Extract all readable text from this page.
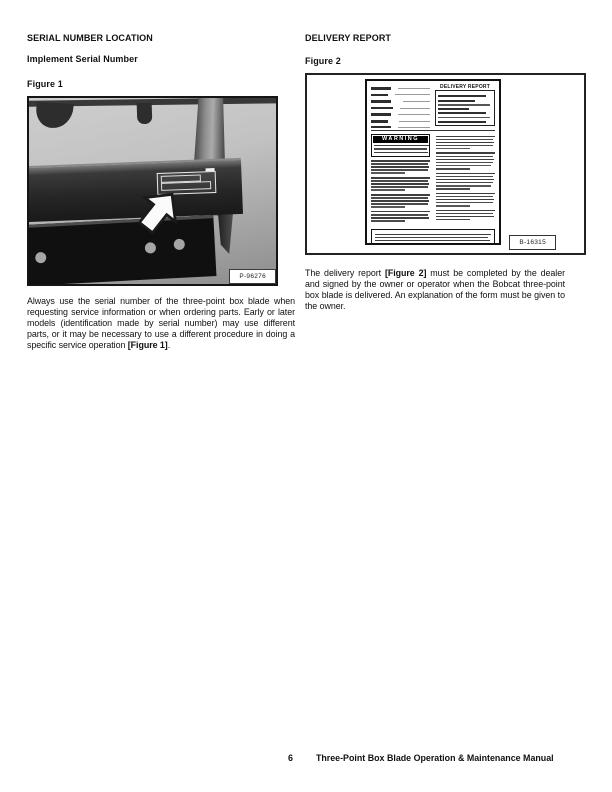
SERIAL NUMBER LOCATION
Implement Serial Number
Figure 1
P-96276

Always use the serial number of the three-point box blade when requesting service information or when ordering parts. Early or later models (identification made by serial number) may use different parts, or it may be necessary to use a different procedure in doing a specific service operation [Figure 1].

DELIVERY REPORT
Figure 2
DELIVERY REPORT
WARNING
B-16315

The delivery report [Figure 2] must be completed by the dealer and signed by the owner or operator when the Bobcat three-point box blade is delivered. An explanation of the form must be given to the owner.

6	Three-Point Box Blade Operation & Maintenance Manual
